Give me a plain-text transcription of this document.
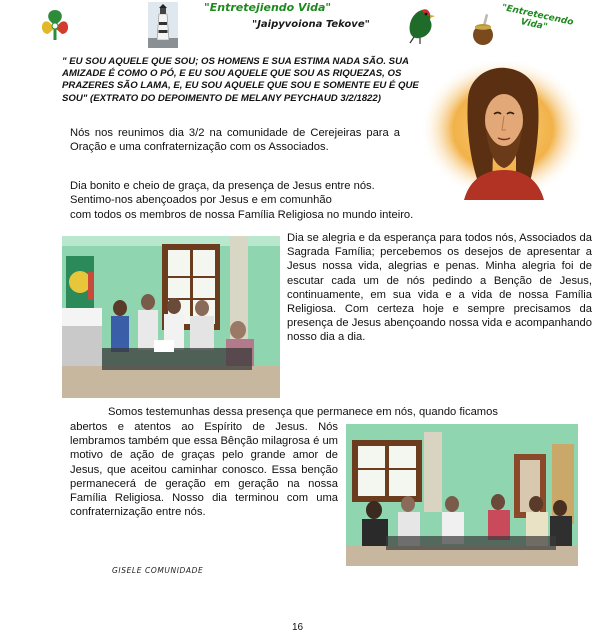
"Entretejiendo Vida"
"Jaipyvoiona Tekove"	"Entretecendo Vida"
" EU SOU AQUELE QUE SOU; OS HOMENS E SUA ESTIMA NADA SÃO. SUA AMIZADE É COMO O PÓ, E EU SOU AQUELE QUE SOU AS RIQUEZAS, OS PRAZERES SÃO LAMA, E, EU SOU AQUELE QUE SOU E SOMENTE EU É QUE SOU" (EXTRATO DO DEPOIMENTO DE MELANY PEYCHAUD 3/2/1822)
Nós nos reunimos dia 3/2 na comunidade de Cerejeiras para a Oração e uma confraternização com os Associados.
Dia bonito e cheio de graça, da presença de Jesus entre nós. Sentimo-nos abençoados por Jesus e em comunhão
com todos os membros de nossa Família Religiosa no mundo inteiro.
Dia se alegria e da esperança para todos nós, Associados da Sagrada Família; percebemos os desejos de apresentar a Jesus nossa vida, alegrias e penas. Minha alegria foi de escutar cada um de nós pedindo a Benção de Jesus, continuamente, em sua vida e a vida de nossa Família Religiosa. Com certeza hoje e sempre precisamos da presença de Jesus abençoando nossa vida e acompanhando nosso dia a dia.
Somos testemunhas dessa presença que permanece em nós, quando ficamos
abertos e atentos ao Espírito de Jesus. Nós lembramos também que essa Bênção milagrosa é um motivo de ação de graças pelo grande amor de Jesus, que aceitou caminhar conosco. Essa benção permanecerá de geração em geração na nossa Família Religiosa. Nosso dia terminou com uma confraternização entre nós.
GISELE COMUNIDADE
16
